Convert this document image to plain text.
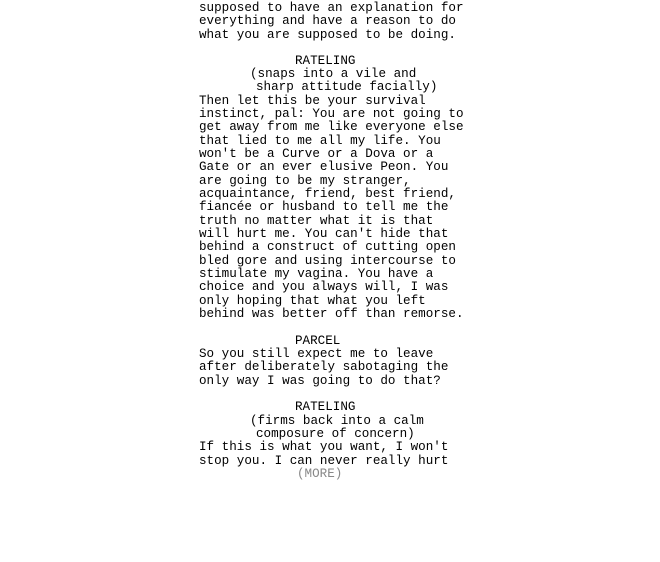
supposed to have an explanation for
everything and have a reason to do
what you are supposed to be doing.
RATELING
(snaps into a vile and
sharp attitude facially)
Then let this be your survival
instinct, pal: You are not going to
get away from me like everyone else
that lied to me all my life. You
won't be a Curve or a Dova or a
Gate or an ever elusive Peon. You
are going to be my stranger,
acquaintance, friend, best friend,
fiancée or husband to tell me the
truth no matter what it is that
will hurt me. You can't hide that
behind a construct of cutting open
bled gore and using intercourse to
stimulate my vagina. You have a
choice and you always will, I was
only hoping that what you left
behind was better off than remorse.
PARCEL
So you still expect me to leave
after deliberately sabotaging the
only way I was going to do that?
RATELING
(firms back into a calm
composure of concern)
If this is what you want, I won't
stop you. I can never really hurt
(MORE)
